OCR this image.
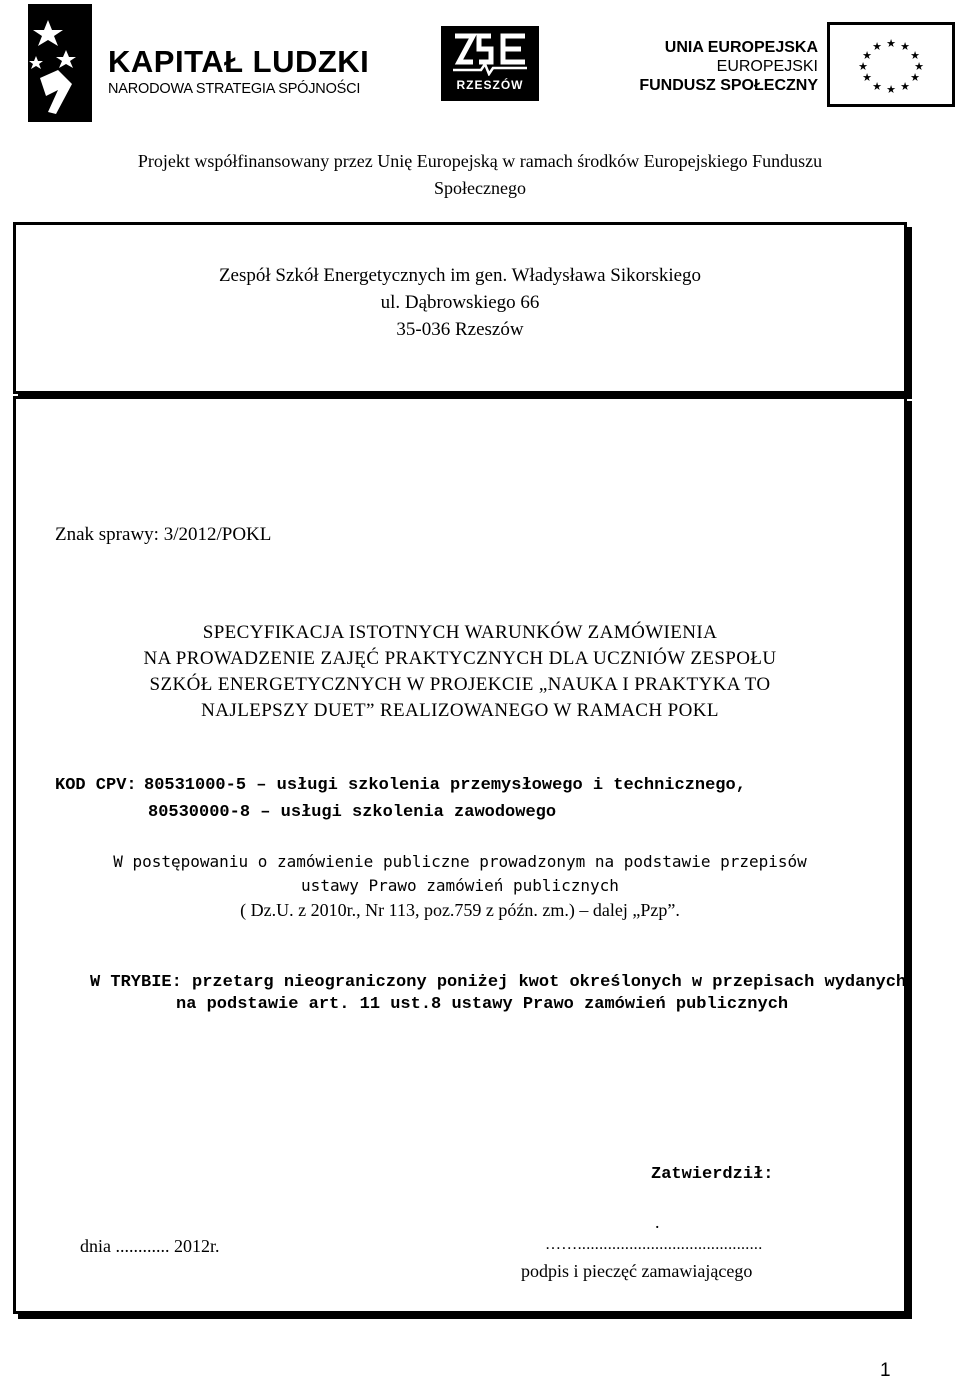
KAPITAŁ LUDZKI
NARODOWA STRATEGIA SPÓJNOŚCI	RZESZÓW
UNIA EUROPEJSKA
EUROPEJSKI
FUNDUSZ SPOŁECZNY
★ ★
★
★
★
★
★
★
★
★
★
★
Projekt współfinansowany przez Unię Europejską w ramach środków Europejskiego Funduszu
Społecznego
Zespół Szkół Energetycznych im gen. Władysława Sikorskiego
ul. Dąbrowskiego 66
35-036 Rzeszów
Znak sprawy: 3/2012/POKL
SPECYFIKACJA ISTOTNYCH WARUNKÓW ZAMÓWIENIA
NA PROWADZENIE ZAJĘĆ PRAKTYCZNYCH DLA UCZNIÓW ZESPOŁU
SZKÓŁ ENERGETYCZNYCH W PROJEKCIE „NAUKA I PRAKTYKA TO
NAJLEPSZY DUET” REALIZOWANEGO W RAMACH POKL
KOD CPV: 80531000-5 – usługi szkolenia przemysłowego i technicznego,
80530000-8 – usługi szkolenia zawodowego
W postępowaniu o zamówienie publiczne prowadzonym na podstawie przepisów
ustawy Prawo zamówień publicznych
( Dz.U. z 2010r., Nr 113, poz.759 z późn. zm.) – dalej „Pzp”.
W TRYBIE: przetarg nieograniczony poniżej kwot określonych w przepisach wydanych
na podstawie art. 11 ust.8 ustawy Prawo zamówień publicznych
Zatwierdził:
.
dnia ............ 2012r.	……...........................................
podpis i pieczęć zamawiającego
1
